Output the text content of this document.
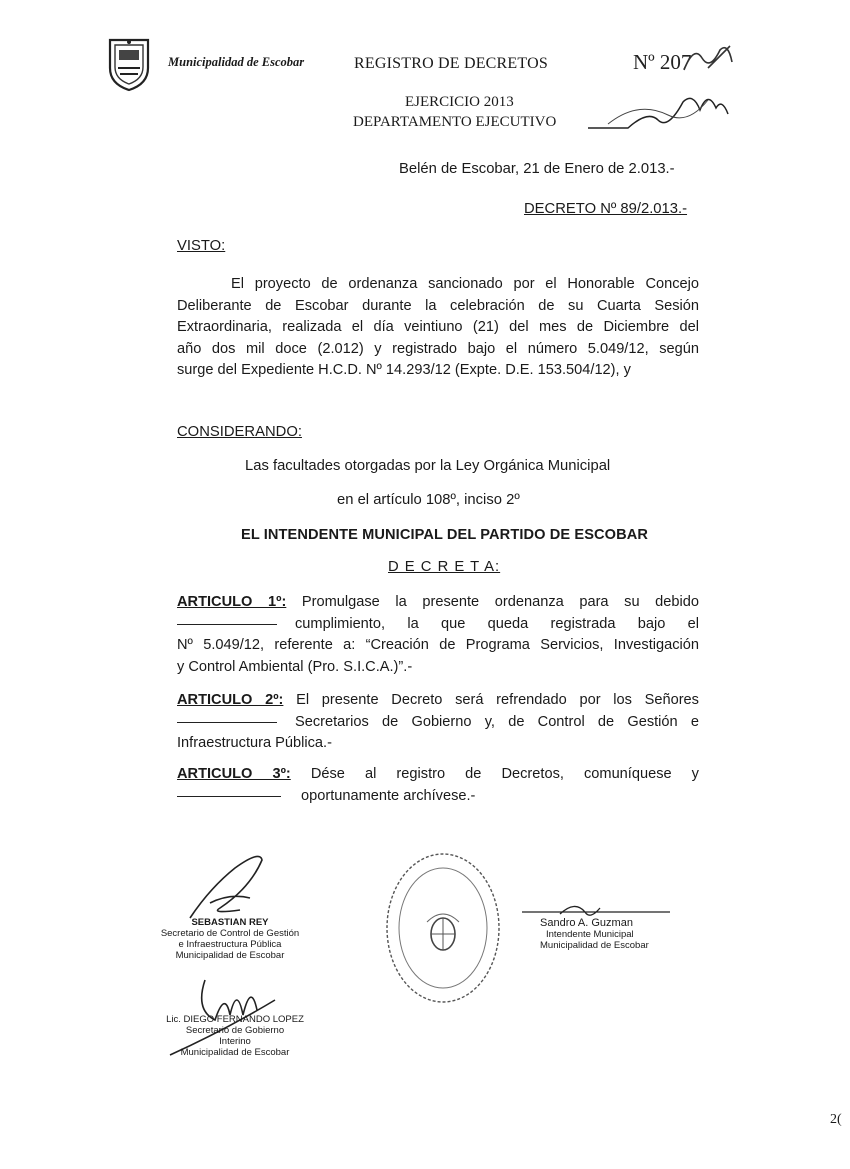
Municipalidad de Escobar	REGISTRO DE DECRETOS	Nº 207
EJERCICIO 2013
DEPARTAMENTO EJECUTIVO
Belén de Escobar, 21 de Enero de 2.013.-
DECRETO Nº 89/2.013.-
VISTO:
El proyecto de ordenanza sancionado por el Honorable Concejo
Deliberante de Escobar durante la celebración de su Cuarta Sesión
Extraordinaria, realizada el día veintiuno (21) del mes de Diciembre del
año dos mil doce (2.012) y registrado bajo el número 5.049/12, según
surge del Expediente H.C.D. Nº 14.293/12 (Expte. D.E. 153.504/12), y
CONSIDERANDO:
Las facultades otorgadas por la Ley Orgánica Municipal
en el artículo 108º, inciso 2º
EL INTENDENTE MUNICIPAL DEL PARTIDO DE ESCOBAR
D E C R E T A:
ARTICULO 1º: Promulgase la presente ordenanza para su debido
cumplimiento, la que queda registrada bajo el
Nº 5.049/12, referente a: “Creación de Programa Servicios, Investigación
y Control Ambiental (Pro. S.I.C.A.)”.-
ARTICULO 2º: El presente Decreto será refrendado por los Señores
Secretarios de Gobierno y, de Control de Gestión e
Infraestructura Pública.-
ARTICULO 3º: Dése al registro de Decretos, comuníquese y
oportunamente archívese.-
SEBASTIAN REY
Secretario de Control de Gestión
e Infraestructura Pública
Municipalidad de Escobar
Lic. DIEGO FERNANDO LOPEZ
Secretario de Gobierno
Interino
Municipalidad de Escobar
Sandro A. Guzman
Intendente Municipal
Municipalidad de Escobar
2(
